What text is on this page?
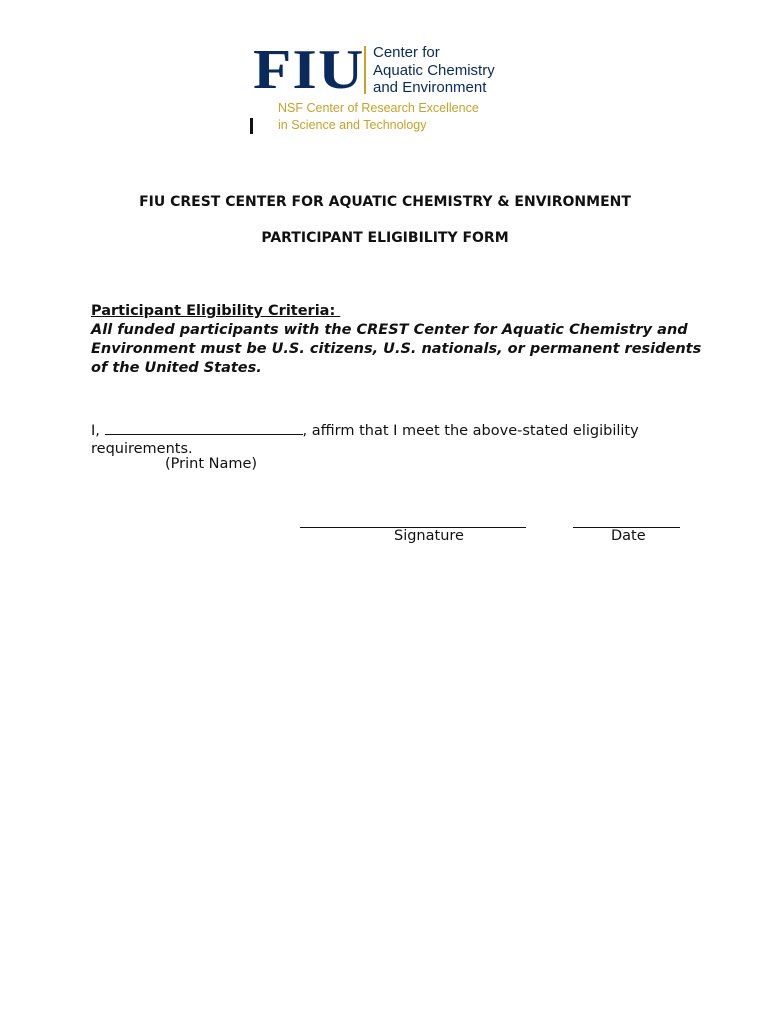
FIU Center for
Aquatic Chemistry
and Environment
NSF Center of Research Excellence
in Science and Technology
FIU CREST CENTER FOR AQUATIC CHEMISTRY & ENVIRONMENT
PARTICIPANT ELIGIBILITY FORM
Participant Eligibility Criteria:
All funded participants with the CREST Center for Aquatic Chemistry and Environment must be U.S. citizens, U.S. nationals, or permanent residents of the United States.
I,	, affirm that I meet the above-stated eligibility requirements.
(Print Name)
Signature	Date
